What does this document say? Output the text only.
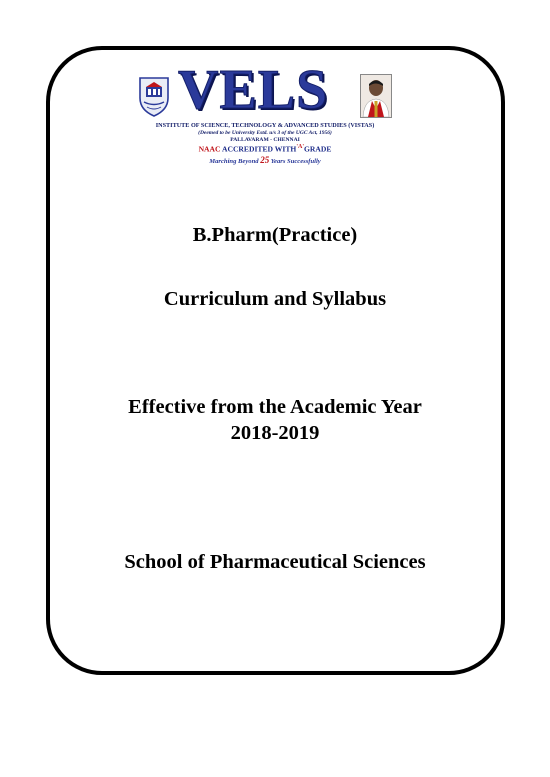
VELS
INSTITUTE OF SCIENCE, TECHNOLOGY & ADVANCED STUDIES (VISTAS)
(Deemed to be University Estd. u/s 3 of the UGC Act, 1956)
PALLAVARAM - CHENNAI
NAAC ACCREDITED $WITH^{'A'}GRADE$
Marching Beyond 25 Years Successfully
B.Pharm(Practice)
Curriculum and Syllabus
Effective from the Academic Year
2018-2019
School of Pharmaceutical Sciences
